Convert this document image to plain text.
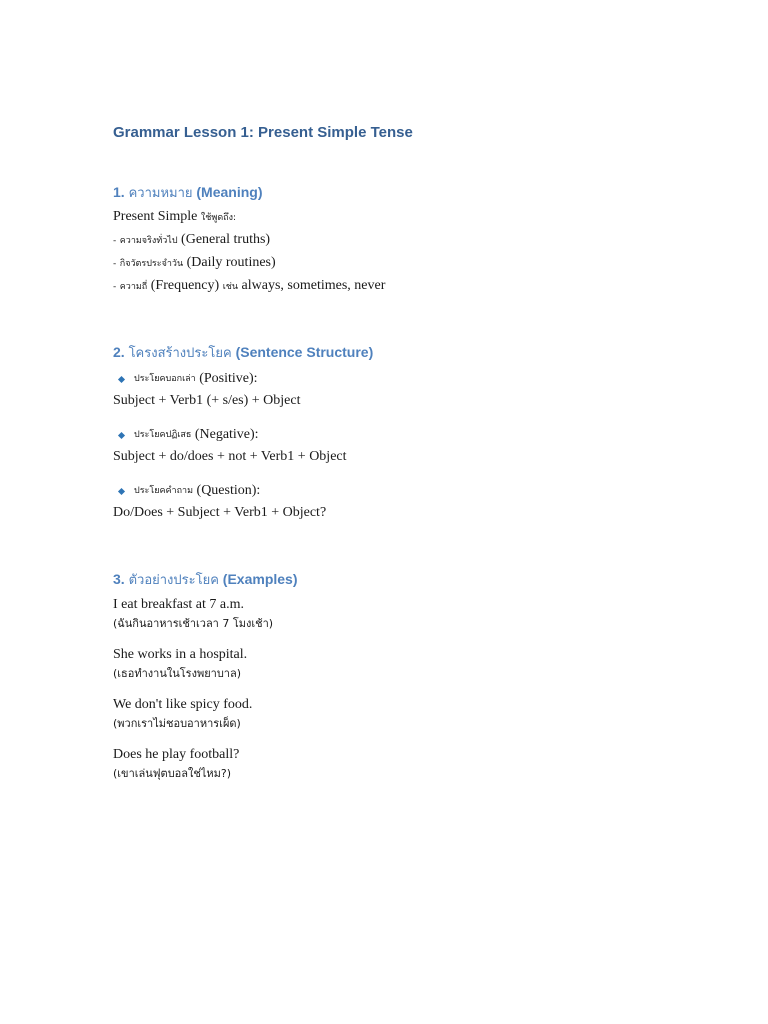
Grammar Lesson 1: Present Simple Tense
1. ความหมาย (Meaning)
Present Simple ใช้พูดถึง:
- ความจริงทั่วไป (General truths)
- กิจวัตรประจำวัน (Daily routines)
- ความถี่ (Frequency) เช่น always, sometimes, never
2. โครงสร้างประโยค (Sentence Structure)
ประโยคบอกเล่า
(Positive):
Subject + Verb1 (+ s/es) + Object
ประโยคปฏิเสธ
(Negative):
Subject + do/does + not + Verb1 + Object
ประโยคคำถาม
(Question):
Do/Does + Subject + Verb1 + Object?
3. ตัวอย่างประโยค (Examples)
I eat breakfast at 7 a.m.
(ฉันกินอาหารเช้าเวลา 7 โมงเช้า)
She works in a hospital.
(เธอทำงานในโรงพยาบาล)
We don't like spicy food.
(พวกเราไม่ชอบอาหารเผ็ด)
Does he play football?
(เขาเล่นฟุตบอลใช่ไหม?)
